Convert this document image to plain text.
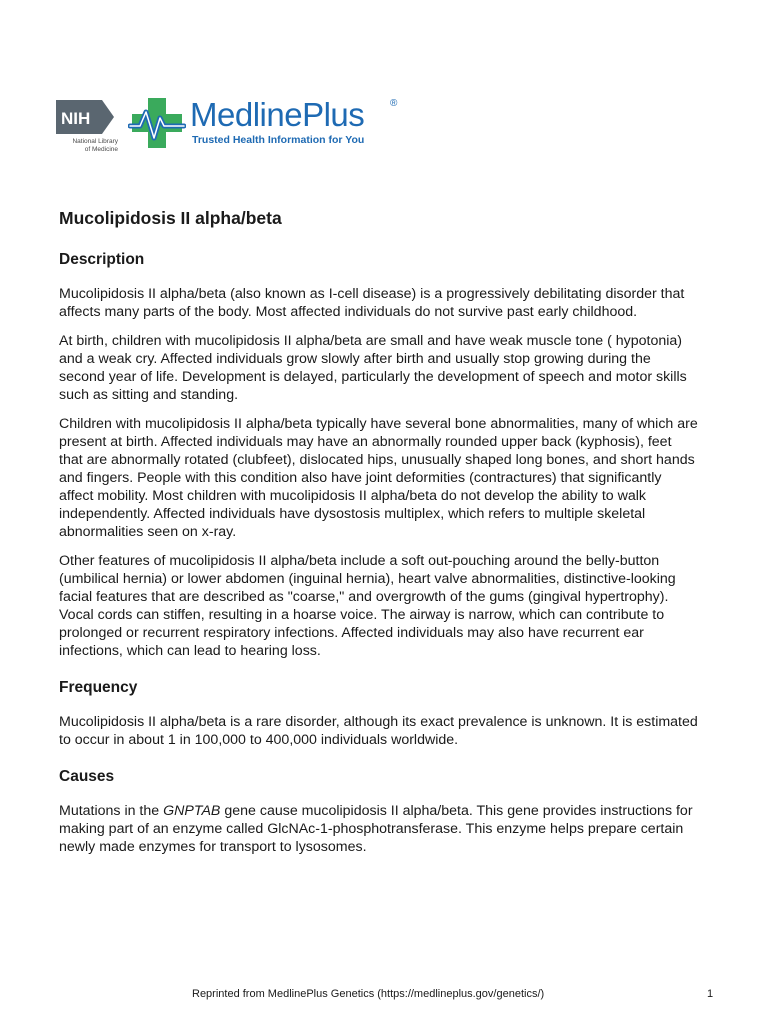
NIH
National Library
of Medicine
MedlinePlus	®
Trusted Health Information for You
Mucolipidosis II alpha/beta
Description

Mucolipidosis II alpha/beta (also known as I-cell disease) is a progressively debilitating disorder that affects many parts of the body. Most affected individuals do not survive past early childhood.

At birth, children with mucolipidosis II alpha/beta are small and have weak muscle tone ( hypotonia) and a weak cry. Affected individuals grow slowly after birth and usually stop growing during the second year of life. Development is delayed, particularly the development of speech and motor skills such as sitting and standing.

Children with mucolipidosis II alpha/beta typically have several bone abnormalities, many of which are present at birth. Affected individuals may have an abnormally rounded upper back (kyphosis), feet that are abnormally rotated (clubfeet), dislocated hips, unusually shaped long bones, and short hands and fingers. People with this condition also have joint deformities (contractures) that significantly affect mobility. Most children with mucolipidosis II alpha/beta do not develop the ability to walk independently. Affected individuals have dysostosis multiplex, which refers to multiple skeletal abnormalities seen on x-ray.

Other features of mucolipidosis II alpha/beta include a soft out-pouching around the belly-button (umbilical hernia) or lower abdomen (inguinal hernia), heart valve abnormalities, distinctive-looking facial features that are described as "coarse," and overgrowth of the gums (gingival hypertrophy). Vocal cords can stiffen, resulting in a hoarse voice. The airway is narrow, which can contribute to prolonged or recurrent respiratory infections. Affected individuals may also have recurrent ear infections, which can lead to hearing loss.

Frequency

Mucolipidosis II alpha/beta is a rare disorder, although its exact prevalence is unknown. It is estimated to occur in about 1 in 100,000 to 400,000 individuals worldwide.

Causes

Mutations in the GNPTAB gene cause mucolipidosis II alpha/beta. This gene provides instructions for making part of an enzyme called GlcNAc-1-phosphotransferase. This enzyme helps prepare certain newly made enzymes for transport to lysosomes.

Reprinted from MedlinePlus Genetics (https://medlineplus.gov/genetics/)	1
